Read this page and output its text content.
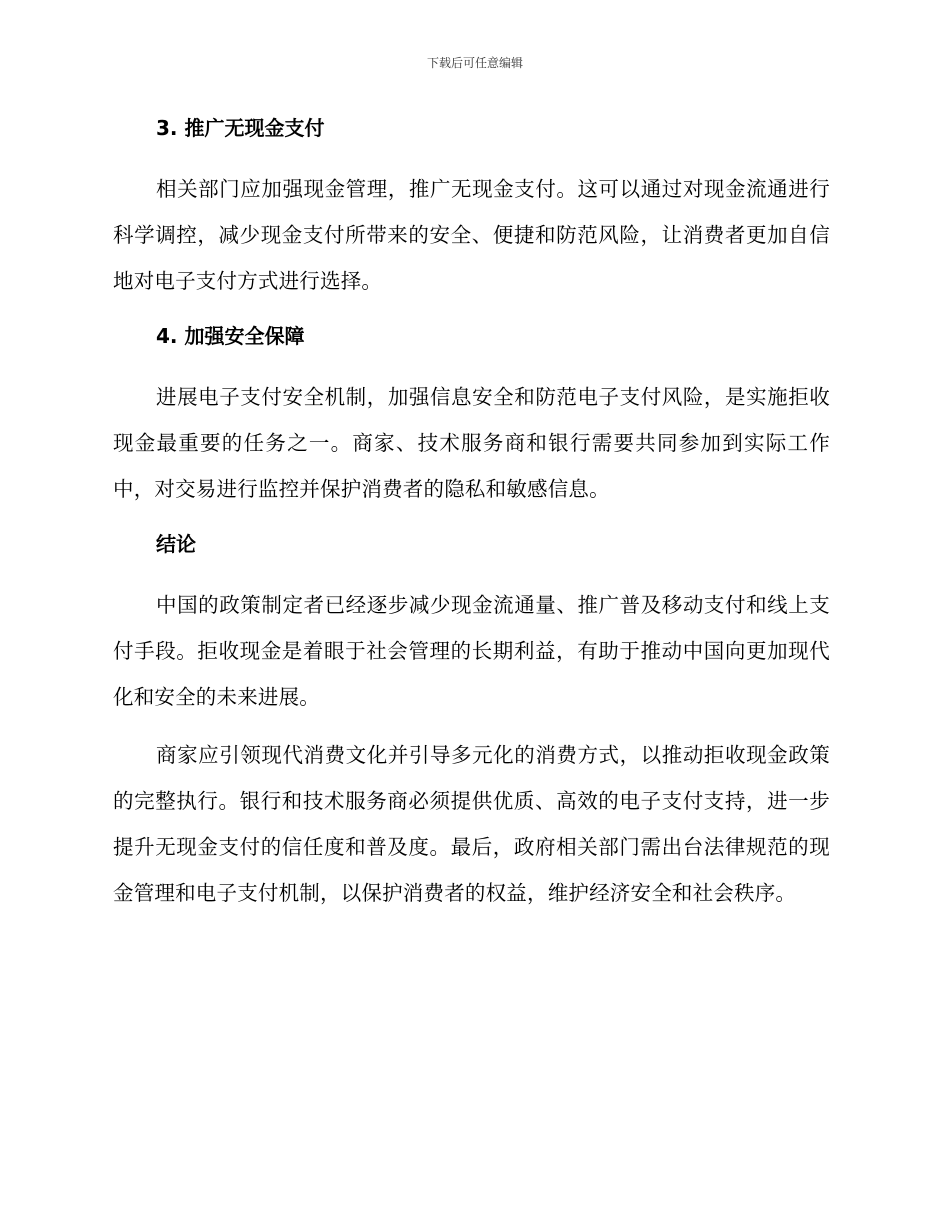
下载后可任意编辑
3. 推广无现金支付

相关部门应加强现金管理，推广无现金支付。这可以通过对现金流通进行科学调控，减少现金支付所带来的安全、便捷和防范风险，让消费者更加自信地对电子支付方式进行选择。

4. 加强安全保障

进展电子支付安全机制，加强信息安全和防范电子支付风险，是实施拒收现金最重要的任务之一。商家、技术服务商和银行需要共同参加到实际工作中，对交易进行监控并保护消费者的隐私和敏感信息。

结论

中国的政策制定者已经逐步减少现金流通量、推广普及移动支付和线上支付手段。拒收现金是着眼于社会管理的长期利益，有助于推动中国向更加现代化和安全的未来进展。

商家应引领现代消费文化并引导多元化的消费方式，以推动拒收现金政策的完整执行。银行和技术服务商必须提供优质、高效的电子支付支持，进一步提升无现金支付的信任度和普及度。最后，政府相关部门需出台法律规范的现金管理和电子支付机制，以保护消费者的权益，维护经济安全和社会秩序。
